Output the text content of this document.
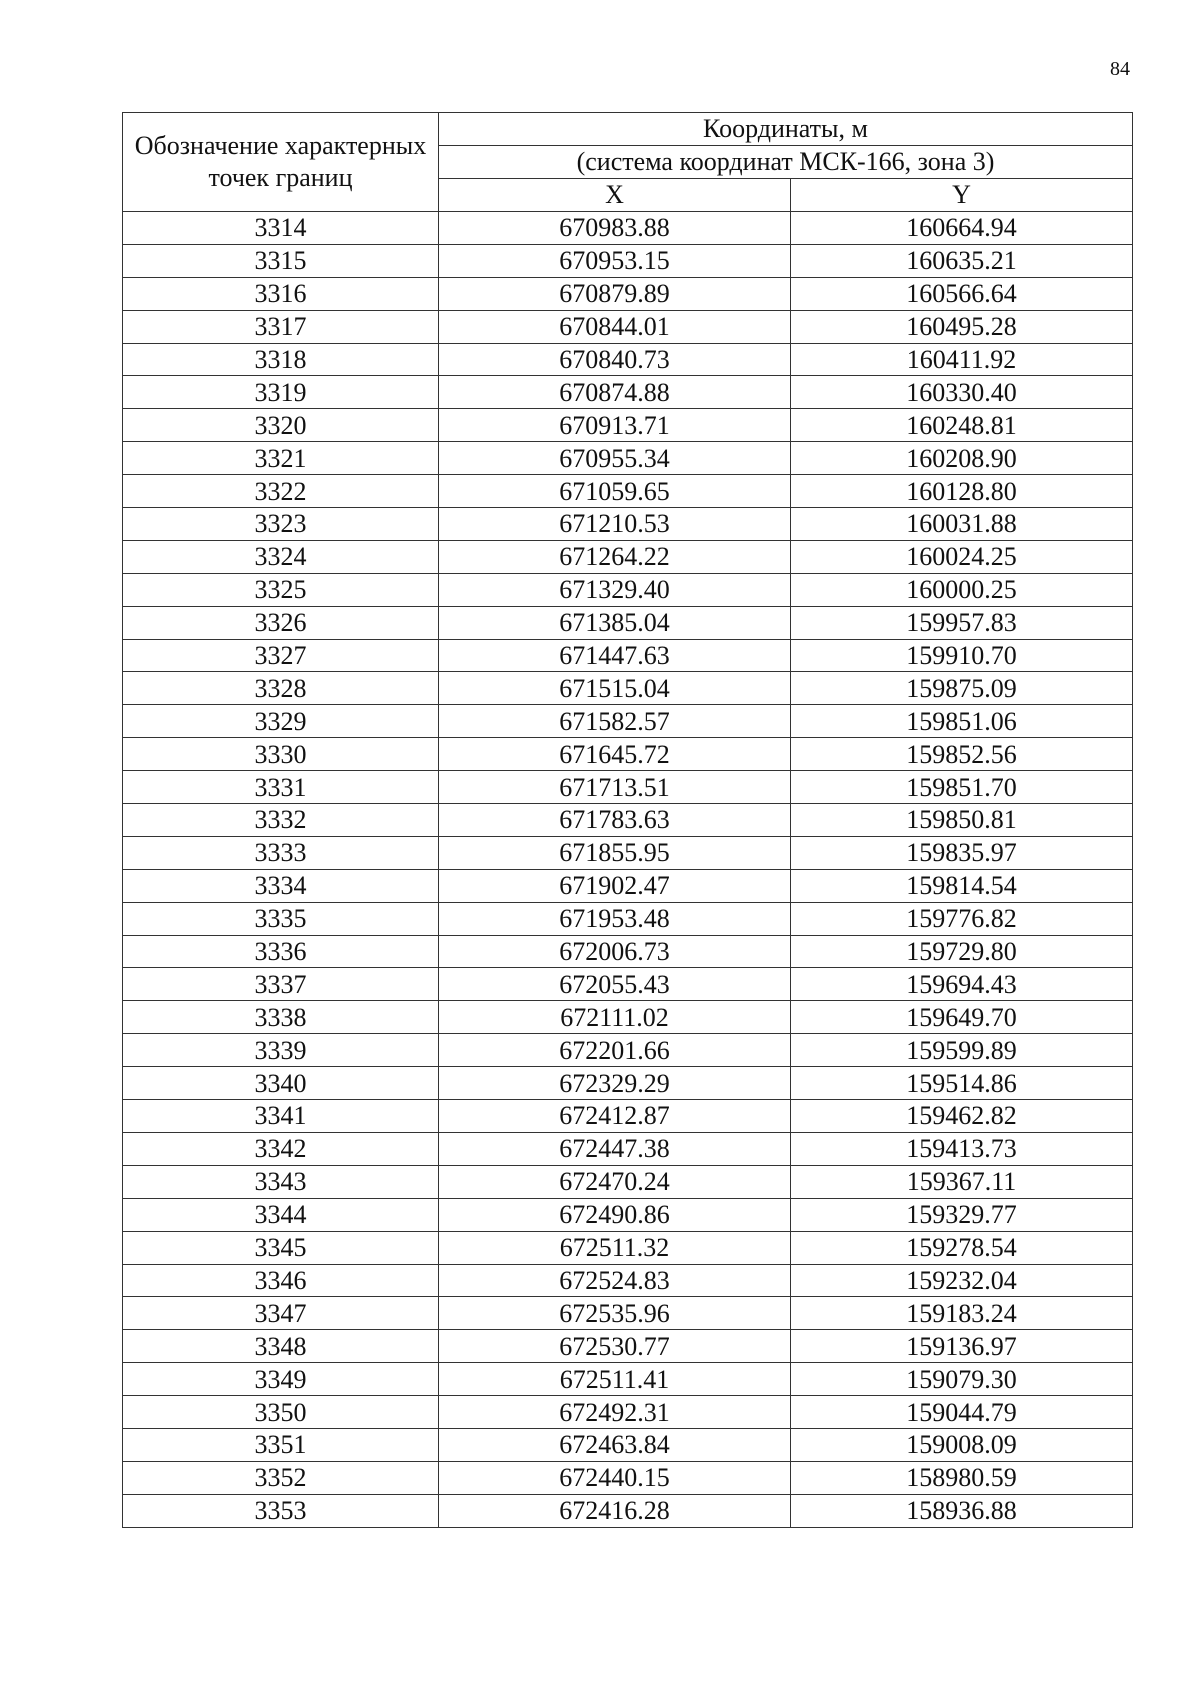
84
Обозначение характерных точек границ	Координаты, м	
	(система координат МСК-166, зона 3)	
	X	Y
3314	670983.88	160664.94
3315	670953.15	160635.21
3316	670879.89	160566.64
3317	670844.01	160495.28
3318	670840.73	160411.92
3319	670874.88	160330.40
3320	670913.71	160248.81
3321	670955.34	160208.90
3322	671059.65	160128.80
3323	671210.53	160031.88
3324	671264.22	160024.25
3325	671329.40	160000.25
3326	671385.04	159957.83
3327	671447.63	159910.70
3328	671515.04	159875.09
3329	671582.57	159851.06
3330	671645.72	159852.56
3331	671713.51	159851.70
3332	671783.63	159850.81
3333	671855.95	159835.97
3334	671902.47	159814.54
3335	671953.48	159776.82
3336	672006.73	159729.80
3337	672055.43	159694.43
3338	672111.02	159649.70
3339	672201.66	159599.89
3340	672329.29	159514.86
3341	672412.87	159462.82
3342	672447.38	159413.73
3343	672470.24	159367.11
3344	672490.86	159329.77
3345	672511.32	159278.54
3346	672524.83	159232.04
3347	672535.96	159183.24
3348	672530.77	159136.97
3349	672511.41	159079.30
3350	672492.31	159044.79
3351	672463.84	159008.09
3352	672440.15	158980.59
3353	672416.28	158936.88
